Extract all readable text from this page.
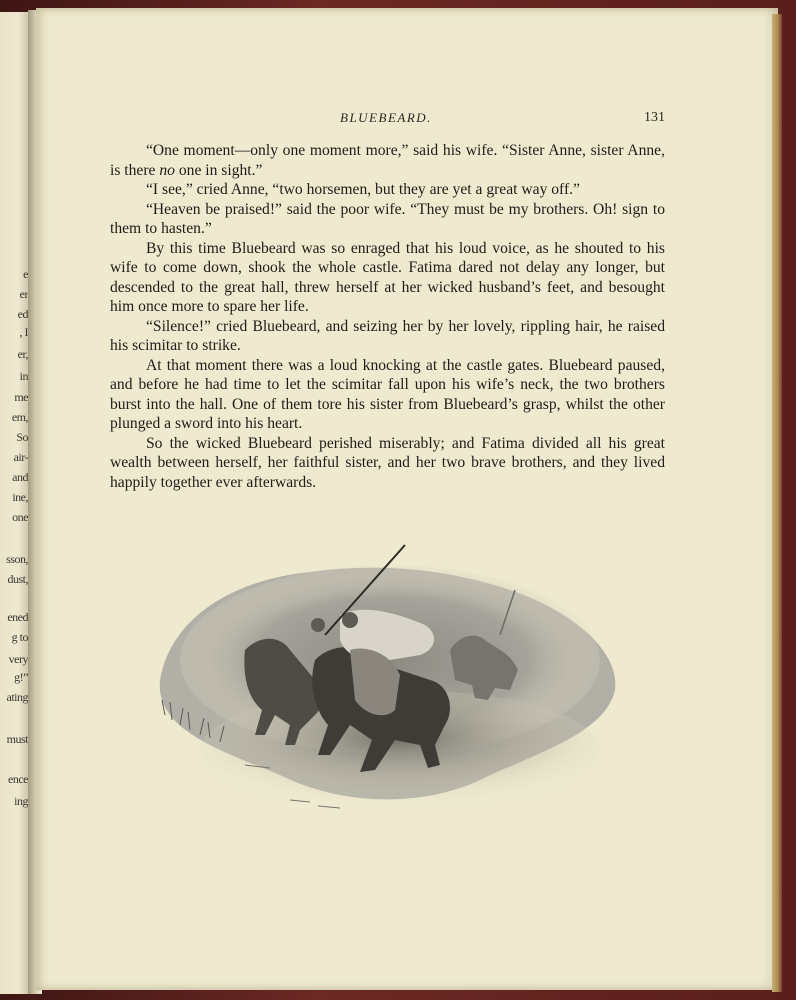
e
er
ed
, I
er,
in
me
em,
So
air-
and
ine,
one
sson,
dust,
ened
g to
very
g!”
ating
must
ence
ing
BLUEBEARD.	131

“One moment—only one moment more,” said his wife. “Sister Anne, sister Anne, is there no one in sight.”

“I see,” cried Anne, “two horsemen, but they are yet a great way off.”

“Heaven be praised!” said the poor wife. “They must be my brothers. Oh! sign to them to hasten.”

By this time Bluebeard was so enraged that his loud voice, as he shouted to his wife to come down, shook the whole castle. Fatima dared not delay any longer, but descended to the great hall, threw herself at her wicked husband’s feet, and besought him once more to spare her life.

“Silence!” cried Bluebeard, and seizing her by her lovely, rippling hair, he raised his scimitar to strike.

At that moment there was a loud knocking at the castle gates. Bluebeard paused, and before he had time to let the scimitar fall upon his wife’s neck, the two brothers burst into the hall. One of them tore his sister from Bluebeard’s grasp, whilst the other plunged a sword into his heart.

So the wicked Bluebeard perished miserably; and Fatima divided all his great wealth between herself, her faithful sister, and her two brave brothers, and they lived happily together ever afterwards.
